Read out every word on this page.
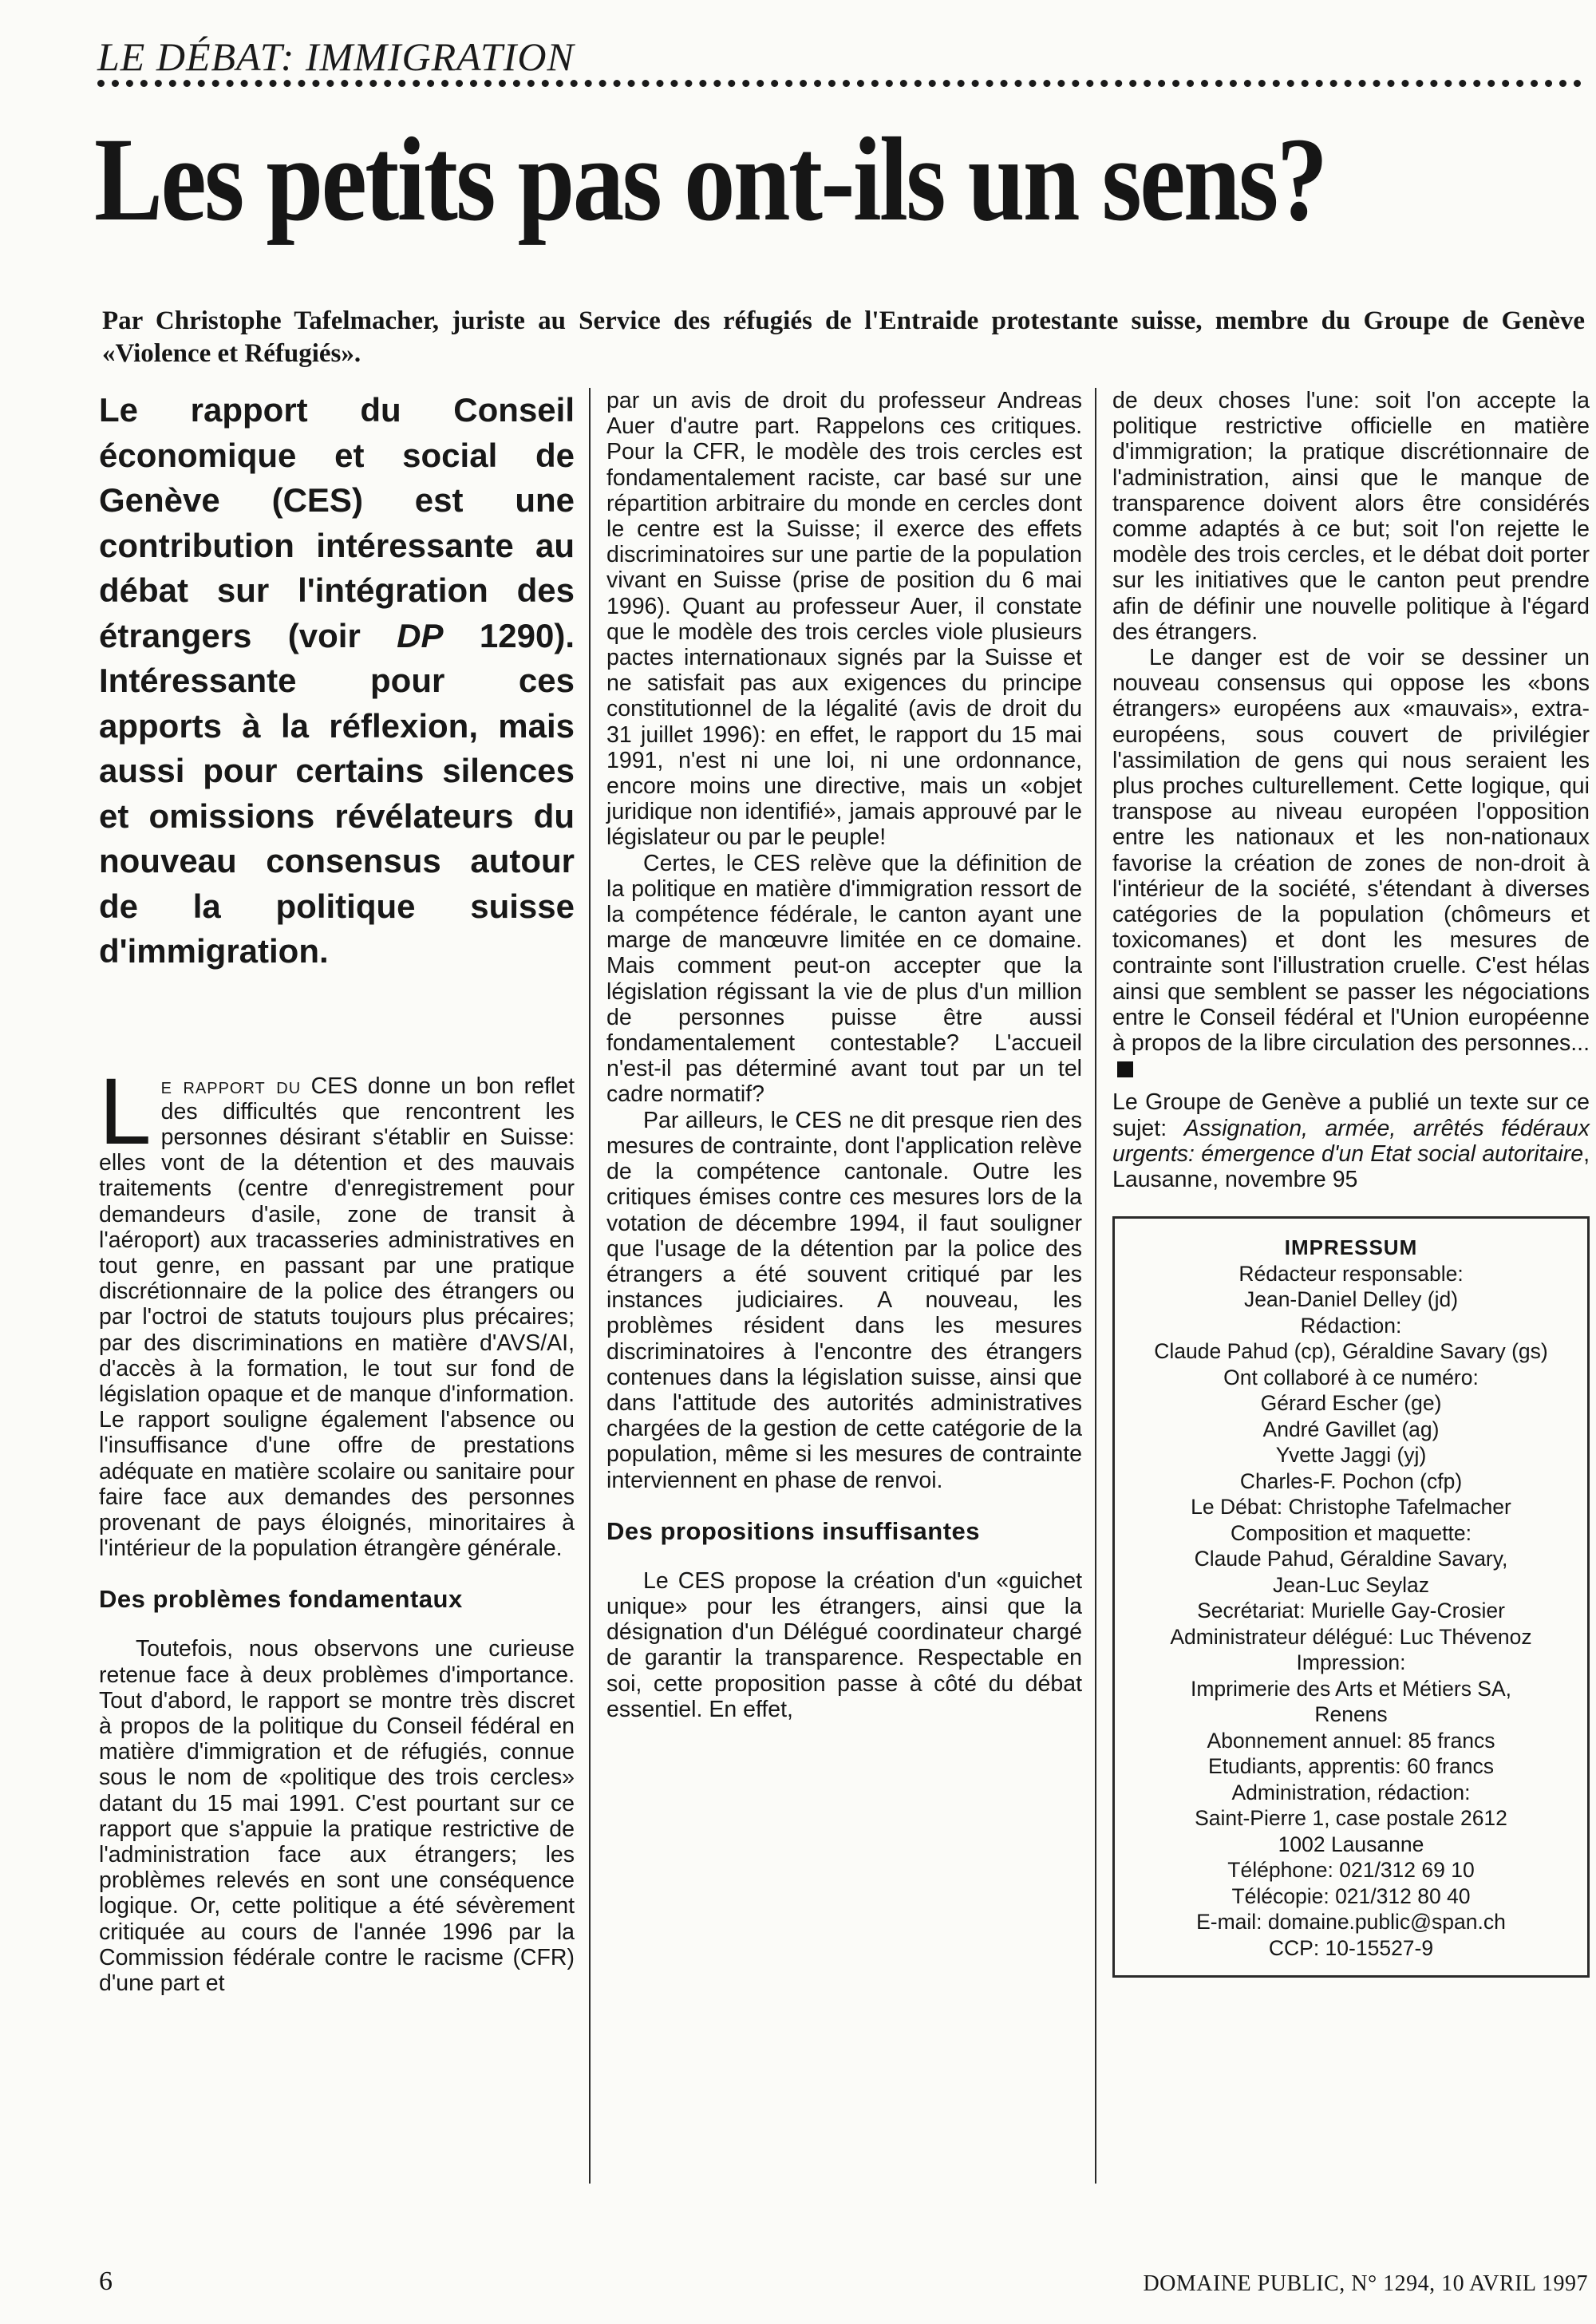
LE DÉBAT: IMMIGRATION
Les petits pas ont-ils un sens?

Par Christophe Tafelmacher, juriste au Service des réfugiés de l'Entraide protestante suisse, membre du Groupe de Genève «Violence et Réfugiés».

Le rapport du Conseil économique et social de Genève (CES) est une contribution intéressante au débat sur l'intégration des étrangers (voir DP 1290). Intéressante pour ces apports à la réflexion, mais aussi pour certains silences et omissions révélateurs du nouveau consensus autour de la politique suisse d'immigration.

Le rapport du CES donne un bon reflet des difficultés que rencontrent les personnes désirant s'établir en Suisse: elles vont de la détention et des mauvais traitements (centre d'enregistrement pour demandeurs d'asile, zone de transit à l'aéroport) aux tracasseries administratives en tout genre, en passant par une pratique discrétionnaire de la police des étrangers ou par l'octroi de statuts toujours plus précaires; par des discriminations en matière d'AVS/AI, d'accès à la formation, le tout sur fond de législation opaque et de manque d'information. Le rapport souligne également l'absence ou l'insuffisance d'une offre de prestations adéquate en matière scolaire ou sanitaire pour faire face aux demandes des personnes provenant de pays éloignés, minoritaires à l'intérieur de la population étrangère générale.

Des problèmes fondamentaux

Toutefois, nous observons une curieuse retenue face à deux problèmes d'importance. Tout d'abord, le rapport se montre très discret à propos de la politique du Conseil fédéral en matière d'immigration et de réfugiés, connue sous le nom de «politique des trois cercles» datant du 15 mai 1991. C'est pourtant sur ce rapport que s'appuie la pratique restrictive de l'administration face aux étrangers; les problèmes relevés en sont une conséquence logique. Or, cette politique a été sévèrement critiquée au cours de l'année 1996 par la Commission fédérale contre le racisme (CFR) d'une part et

par un avis de droit du professeur Andreas Auer d'autre part. Rappelons ces critiques. Pour la CFR, le modèle des trois cercles est fondamentalement raciste, car basé sur une répartition arbitraire du monde en cercles dont le centre est la Suisse; il exerce des effets discriminatoires sur une partie de la population vivant en Suisse (prise de position du 6 mai 1996). Quant au professeur Auer, il constate que le modèle des trois cercles viole plusieurs pactes internationaux signés par la Suisse et ne satisfait pas aux exigences du principe constitutionnel de la légalité (avis de droit du 31 juillet 1996): en effet, le rapport du 15 mai 1991, n'est ni une loi, ni une ordonnance, encore moins une directive, mais un «objet juridique non identifié», jamais approuvé par le législateur ou par le peuple!

Certes, le CES relève que la définition de la politique en matière d'immigration ressort de la compétence fédérale, le canton ayant une marge de manœuvre limitée en ce domaine. Mais comment peut-on accepter que la législation régissant la vie de plus d'un million de personnes puisse être aussi fondamentalement contestable? L'accueil n'est-il pas déterminé avant tout par un tel cadre normatif?

Par ailleurs, le CES ne dit presque rien des mesures de contrainte, dont l'application relève de la compétence cantonale. Outre les critiques émises contre ces mesures lors de la votation de décembre 1994, il faut souligner que l'usage de la détention par la police des étrangers a été souvent critiqué par les instances judiciaires. A nouveau, les problèmes résident dans les mesures discriminatoires à l'encontre des étrangers contenues dans la législation suisse, ainsi que dans l'attitude des autorités administratives chargées de la gestion de cette catégorie de la population, même si les mesures de contrainte interviennent en phase de renvoi.

Des propositions insuffisantes

Le CES propose la création d'un «guichet unique» pour les étrangers, ainsi que la désignation d'un Délégué coordinateur chargé de garantir la transparence. Respectable en soi, cette proposition passe à côté du débat essentiel. En effet,

de deux choses l'une: soit l'on accepte la politique restrictive officielle en matière d'immigration; la pratique discrétionnaire de l'administration, ainsi que le manque de transparence doivent alors être considérés comme adaptés à ce but; soit l'on rejette le modèle des trois cercles, et le débat doit porter sur les initiatives que le canton peut prendre afin de définir une nouvelle politique à l'égard des étrangers.

Le danger est de voir se dessiner un nouveau consensus qui oppose les «bons étrangers» européens aux «mauvais», extra-européens, sous couvert de privilégier l'assimilation de gens qui nous seraient les plus proches culturellement. Cette logique, qui transpose au niveau européen l'opposition entre les nationaux et les non-nationaux favorise la création de zones de non-droit à l'intérieur de la société, s'étendant à diverses catégories de la population (chômeurs et toxicomanes) et dont les mesures de contrainte sont l'illustration cruelle. C'est hélas ainsi que semblent se passer les négociations entre le Conseil fédéral et l'Union européenne à propos de la libre circulation des personnes...

Le Groupe de Genève a publié un texte sur ce sujet: Assignation, armée, arrêtés fédéraux urgents: émergence d'un Etat social autoritaire, Lausanne, novembre 95

IMPRESSUM
Rédacteur responsable:
Jean-Daniel Delley (jd)
Rédaction:
Claude Pahud (cp), Géraldine Savary (gs)
Ont collaboré à ce numéro:
Gérard Escher (ge)
André Gavillet (ag)
Yvette Jaggi (yj)
Charles-F. Pochon (cfp)
Le Débat: Christophe Tafelmacher
Composition et maquette:
Claude Pahud, Géraldine Savary,
Jean-Luc Seylaz
Secrétariat: Murielle Gay-Crosier
Administrateur délégué: Luc Thévenoz
Impression:
Imprimerie des Arts et Métiers SA,
Renens
Abonnement annuel: 85 francs
Etudiants, apprentis: 60 francs
Administration, rédaction:
Saint-Pierre 1, case postale 2612
1002 Lausanne
Téléphone: 021/312 69 10
Télécopie: 021/312 80 40
E-mail: domaine.public@span.ch
CCP: 10-15527-9
6	DOMAINE PUBLIC, N° 1294, 10 AVRIL 1997
